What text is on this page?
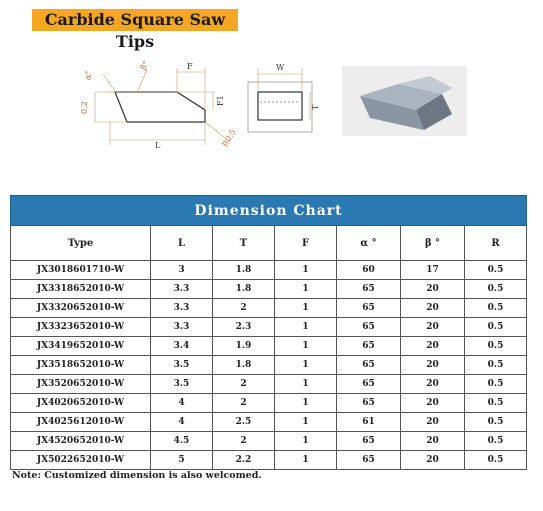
Carbide Square Saw Tips
α°
β°	F
F1
0.2
L	R0.5
W
T
Dimension Chart						
Type	L	T	F	α °	β °	R
JX3018601710-W	3	1.8	1	60	17	0.5
JX3318652010-W	3.3	1.8	1	65	20	0.5
JX3320652010-W	3.3	2	1	65	20	0.5
JX3323652010-W	3.3	2.3	1	65	20	0.5
JX3419652010-W	3.4	1.9	1	65	20	0.5
JX3518652010-W	3.5	1.8	1	65	20	0.5
JX3520652010-W	3.5	2	1	65	20	0.5
JX4020652010-W	4	2	1	65	20	0.5
JX4025612010-W	4	2.5	1	61	20	0.5
JX4520652010-W	4.5	2	1	65	20	0.5
JX5022652010-W	5	2.2	1	65	20	0.5
Note: Customized dimension is also welcomed.
